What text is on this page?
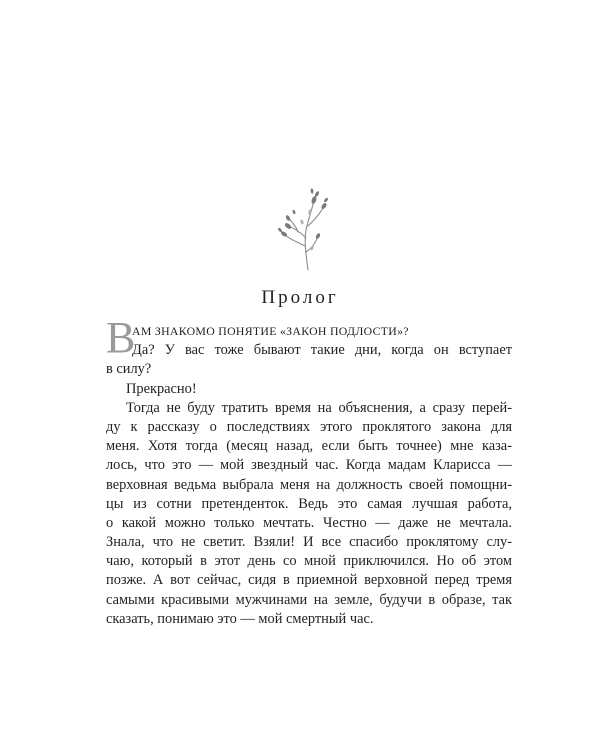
Пролог
В
АМ ЗНАКОМО ПОНЯТИЕ «ЗАКОН ПОДЛОСТИ»?
Да? У вас тоже бывают такие дни, когда он вступает
в силу?
Прекрасно!
Тогда не буду тратить время на объяснения, а сразу перей-
ду к рассказу о последствиях этого проклятого закона для
меня. Хотя тогда (месяц назад, если быть точнее) мне каза-
лось, что это — мой звездный час. Когда мадам Кларисса —
верховная ведьма выбрала меня на должность своей помощни-
цы из сотни претенденток. Ведь это самая лучшая работа,
о какой можно только мечтать. Честно — даже не мечтала.
Знала, что не светит. Взяли! И все спасибо проклятому слу-
чаю, который в этот день со мной приключился. Но об этом
позже. А вот сейчас, сидя в приемной верховной перед тремя
самыми красивыми мужчинами на земле, будучи в образе, так
сказать, понимаю это — мой смертный час.
